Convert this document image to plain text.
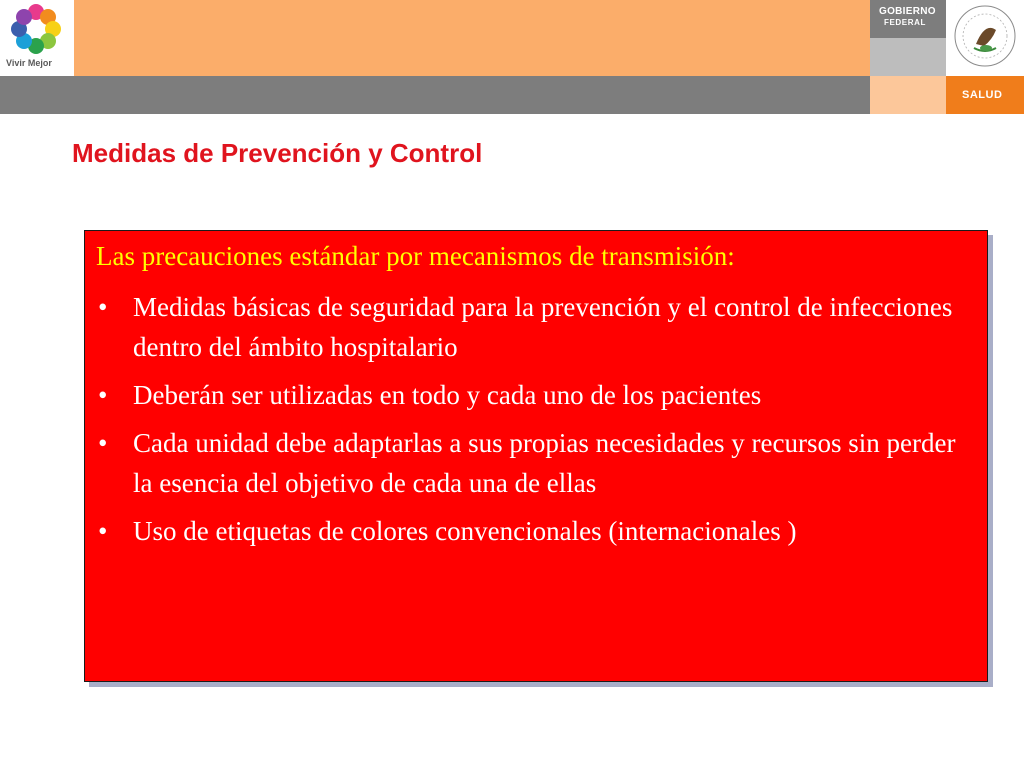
Vivir Mejor
GOBIERNO
FEDERAL
SALUD
Medidas de Prevención y Control
Las precauciones estándar por mecanismos de transmisión:
• Medidas básicas de seguridad para la prevención y el control de infecciones dentro del ámbito hospitalario
• Deberán ser utilizadas en todo y cada uno de los pacientes
• Cada unidad debe adaptarlas a sus propias necesidades y recursos sin perder la esencia del objetivo de cada una de ellas
• Uso de etiquetas de colores convencionales (internacionales )
